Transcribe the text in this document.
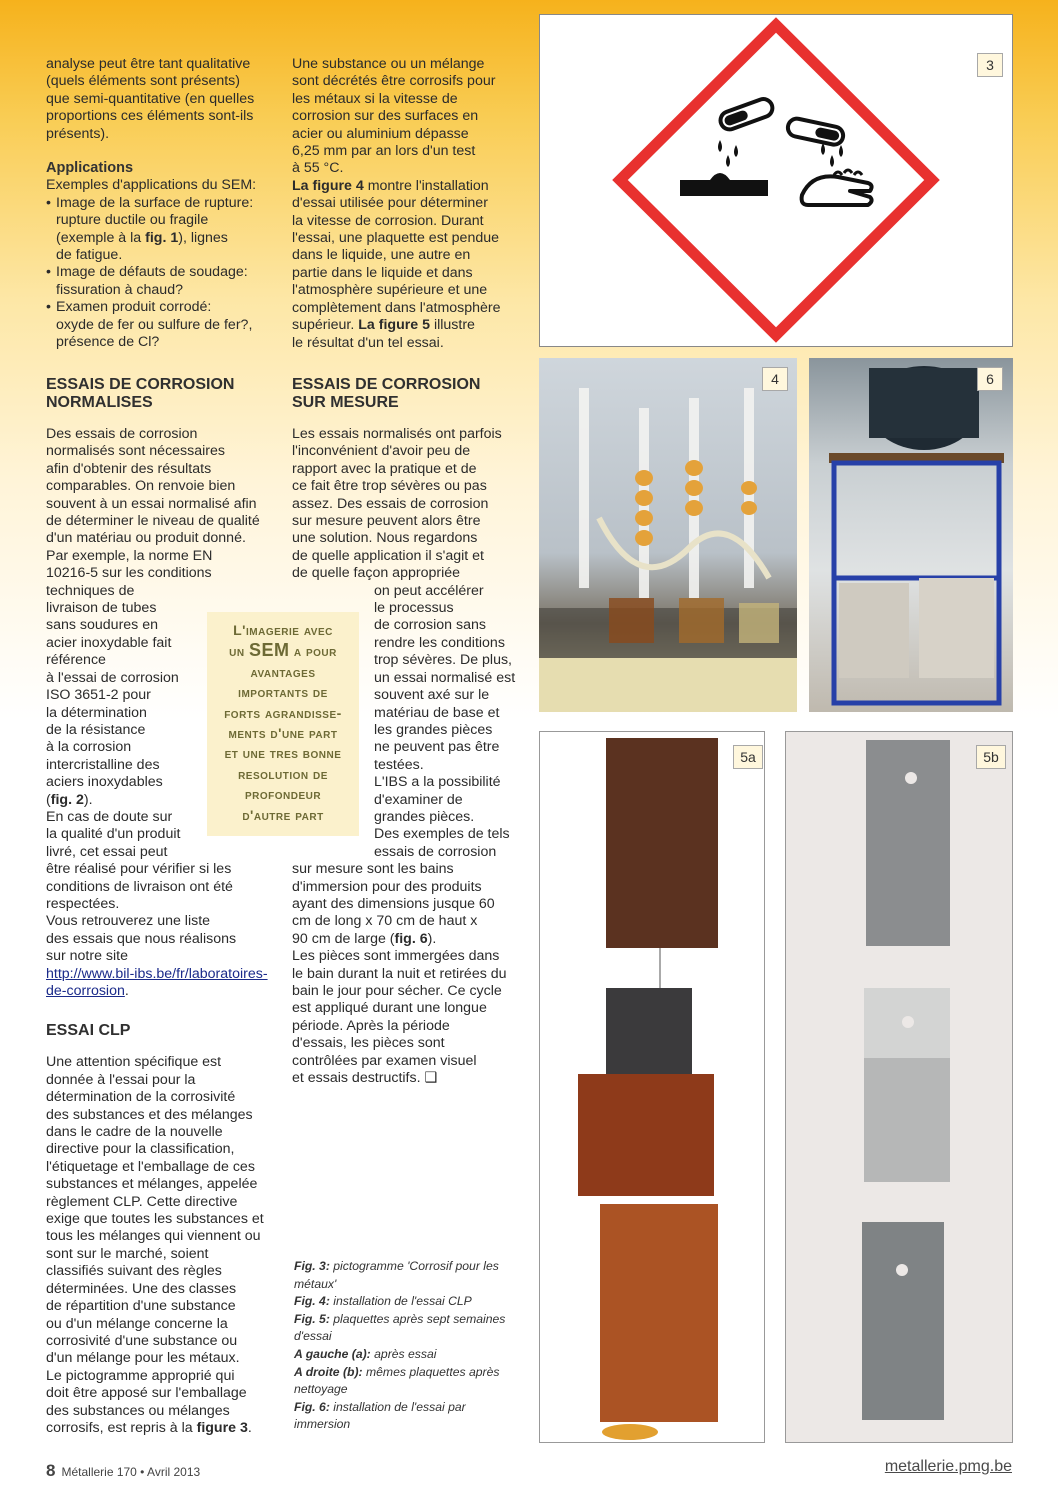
analyse peut être tant qualitative

(quels éléments sont présents)

que semi-quantitative (en quelles

proportions ces éléments sont-ils

présents).

Applications

Exemples d'applications du SEM:

• Image de la surface de rupture:

rupture ductile ou fragile

(exemple à la fig. 1), lignes

de fatigue.

• Image de défauts de soudage:

fissuration à chaud?

• Examen produit corrodé:

oxyde de fer ou sulfure de fer?,

présence de Cl?

ESSAIS DE CORROSION
NORMALISES

Des essais de corrosion

normalisés sont nécessaires

afin d'obtenir des résultats

comparables. On renvoie bien

souvent à un essai normalisé afin

de déterminer le niveau de qualité

d'un matériau ou produit donné.

Par exemple, la norme EN

10216-5 sur les conditions

techniques de

livraison de tubes

sans soudures en

acier inoxydable fait

référence

à l'essai de corrosion

ISO 3651-2 pour

la détermination

de la résistance

à la corrosion

intercristalline des

aciers inoxydables

(fig. 2).

En cas de doute sur

la qualité d'un produit

livré, cet essai peut

être réalisé pour vérifier si les

conditions de livraison ont été

respectées.

Vous retrouverez une liste

des essais que nous réalisons

sur notre site

http://www.bil-ibs.be/fr/laboratoires-

de-corrosion.

ESSAI CLP

Une attention spécifique est

donnée à l'essai pour la

détermination de la corrosivité

des substances et des mélanges

dans le cadre de la nouvelle

directive pour la classification,

l'étiquetage et l'emballage de ces

substances et mélanges, appelée

règlement CLP. Cette directive

exige que toutes les substances et

tous les mélanges qui viennent ou

sont sur le marché, soient

classifiés suivant des règles

déterminées. Une des classes

de répartition d'une substance

ou d'un mélange concerne la

corrosivité d'une substance ou

d'un mélange pour les métaux.

Le pictogramme approprié qui

doit être apposé sur l'emballage

des substances ou mélanges

corrosifs, est repris à la figure 3.

L'imagerie avec
un SEM a pour
avantages
importants de
forts agrandisse-
ments d'une part
et une tres bonne
resolution de
profondeur
d'autre part

Une substance ou un mélange

sont décrétés être corrosifs pour

les métaux si la vitesse de

corrosion sur des surfaces en

acier ou aluminium dépasse

6,25 mm par an lors d'un test

à 55 °C.

La figure 4 montre l'installation

d'essai utilisée pour déterminer

la vitesse de corrosion. Durant

l'essai, une plaquette est pendue

dans le liquide, une autre en

partie dans le liquide et dans

l'atmosphère supérieure et une

complètement dans l'atmosphère

supérieur. La figure 5 illustre

le résultat d'un tel essai.

ESSAIS DE CORROSION
SUR MESURE

Les essais normalisés ont parfois

l'inconvénient d'avoir peu de

rapport avec la pratique et de

ce fait être trop sévères ou pas

assez. Des essais de corrosion

sur mesure peuvent alors être

une solution. Nous regardons

de quelle application il s'agit et

de quelle façon appropriée

on peut accélérer

le processus

de corrosion sans

rendre les conditions

trop sévères. De plus,

un essai normalisé est

souvent axé sur le

matériau de base et

les grandes pièces

ne peuvent pas être

testées.

L'IBS a la possibilité

d'examiner de

grandes pièces.

Des exemples de tels

essais de corrosion

sur mesure sont les bains

d'immersion pour des produits

ayant des dimensions jusque 60

cm de long x 70 cm de haut x

90 cm de large (fig. 6).

Les pièces sont immergées dans

le bain durant la nuit et retirées du

bain le jour pour sécher. Ce cycle

est appliqué durant une longue

période. Après la période

d'essais, les pièces sont

contrôlées par examen visuel

et essais destructifs. ❑

3
4	6
5a	5b

Fig. 3: pictogramme 'Corrosif pour les métaux'

Fig. 4: installation de l'essai CLP

Fig. 5: plaquettes après sept semaines d'essai

A gauche (a): après essai

A droite (b): mêmes plaquettes après nettoyage

Fig. 6: installation de l'essai par immersion

8 Métallerie 170 • Avril 2013	metallerie.pmg.be
